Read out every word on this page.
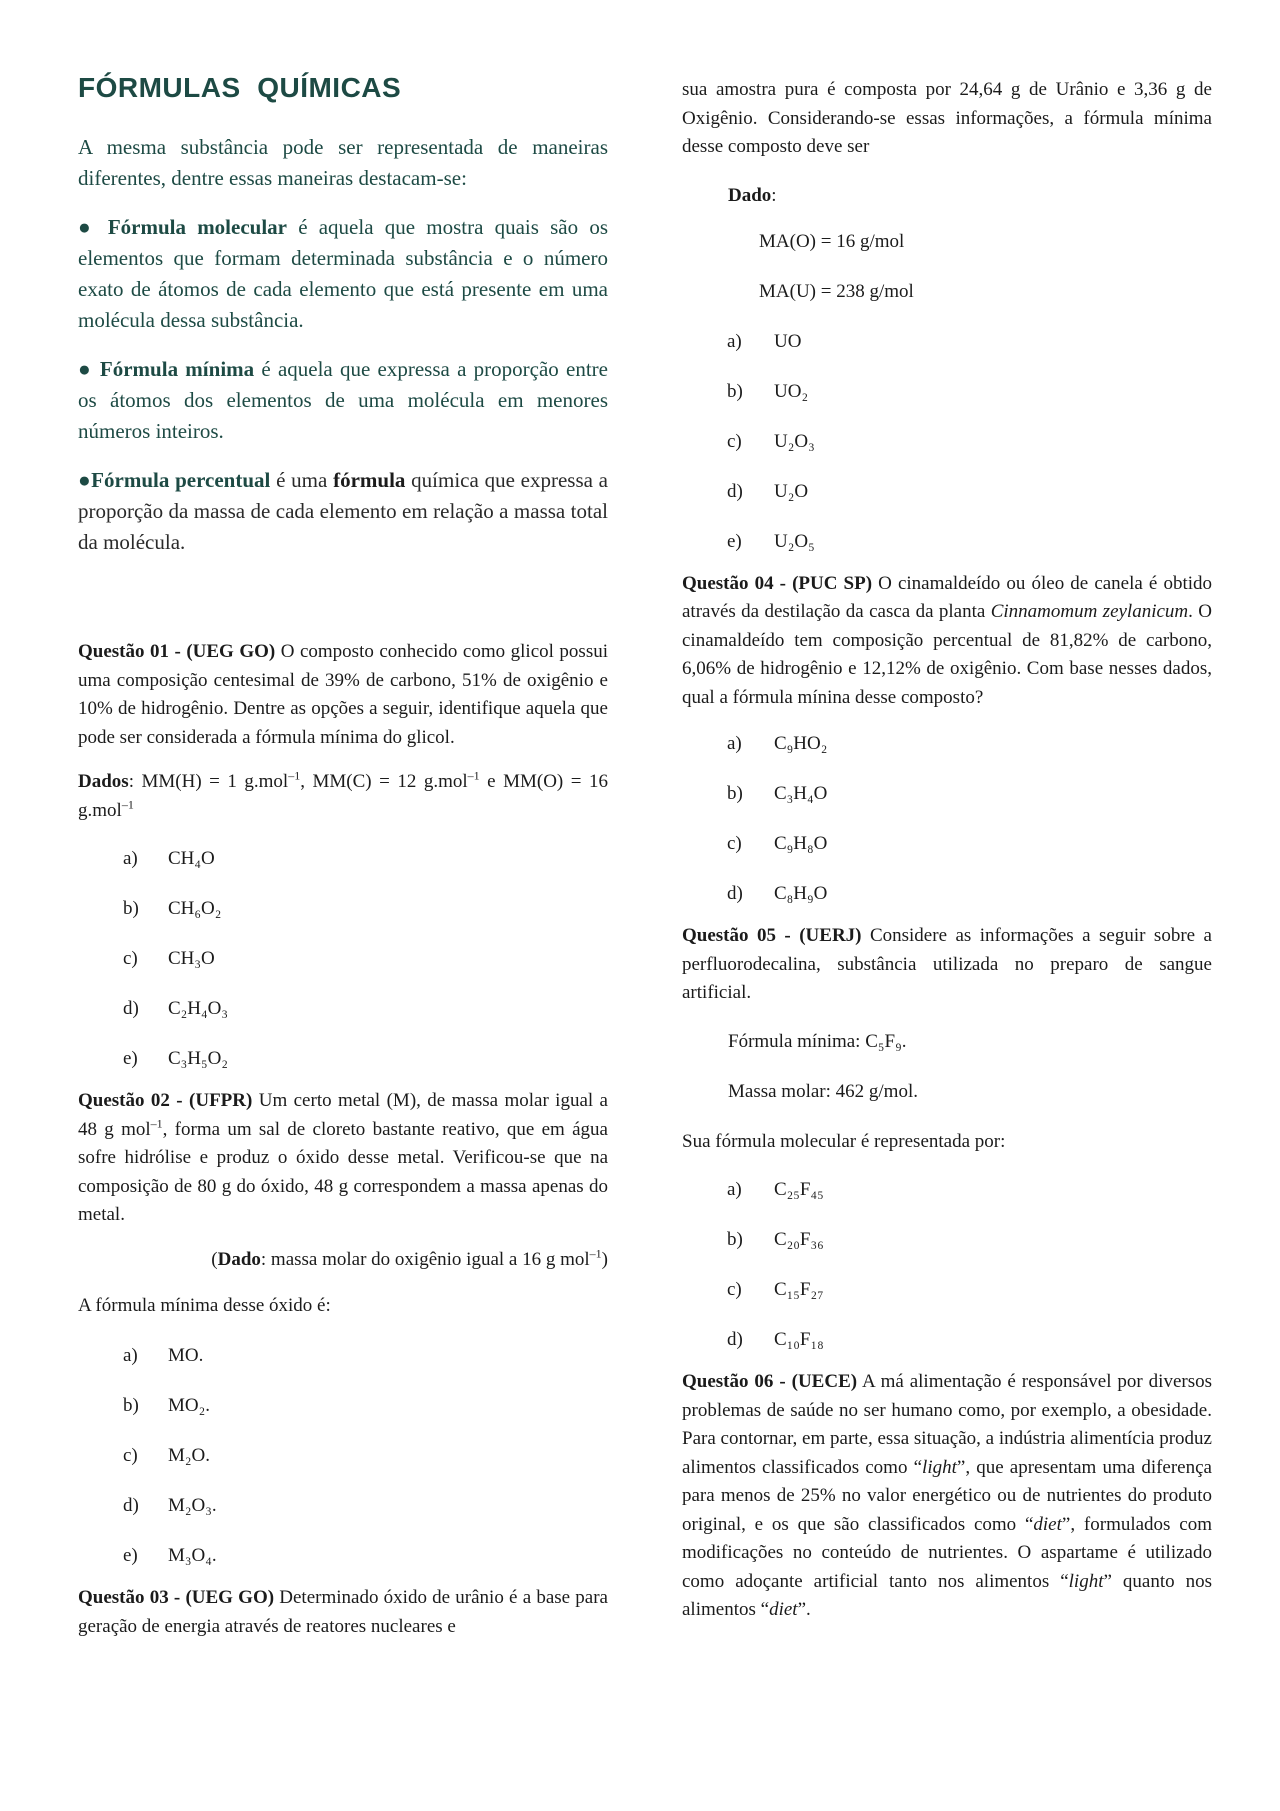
FÓRMULAS  QUÍMICAS

A mesma substância pode ser representada de maneiras diferentes, dentre essas maneiras destacam-se:

● Fórmula molecular é aquela que mostra quais são os elementos que formam determinada substância e o número exato de átomos de cada elemento que está presente em uma molécula dessa substância.

● Fórmula mínima é aquela que expressa a proporção entre os átomos dos elementos de uma molécula em menores números inteiros.

●Fórmula percentual é uma fórmula química que expressa a proporção da massa de cada elemento em relação a massa total da molécula.

Questão 01 - (UEG GO) O composto conhecido como glicol possui uma composição centesimal de 39% de carbono, 51% de oxigênio e 10% de hidrogênio. Dentre as opções a seguir, identifique aquela que pode ser considerada a fórmula mínima do glicol.

Dados: MM(H) = 1 g.mol$^{-1}$, MM(C) = 12 g.mol$^{-1}$ e MM(O) = 16 g.mol$^{-1}$

a) CH₄O
b) CH₆O₂
c) CH₃O
d) C₂H₄O₃
e) C₃H₅O₂

Questão 02 - (UFPR) Um certo metal (M), de massa molar igual a 48 g mol$^{-1}$, forma um sal de cloreto bastante reativo, que em água sofre hidrólise e produz o óxido desse metal. Verificou-se que na composição de 80 g do óxido, 48 g correspondem a massa apenas do metal.

(Dado: massa molar do oxigênio igual a 16 g mol$^{-1}$)

A fórmula mínima desse óxido é:

a) MO.
b) MO₂.
c) M₂O.
d) M₂O₃.
e) M₃O₄.

Questão 03 - (UEG GO) Determinado óxido de urânio é a base para geração de energia através de reatores nucleares e

sua amostra pura é composta por 24,64 g de Urânio e 3,36 g de Oxigênio. Considerando-se essas informações, a fórmula mínima desse composto deve ser

Dado:
MA(O) = 16 g/mol
MA(U) = 238 g/mol
a) UO
b) UO₂
c) U₂O₃
d) U₂O
e) U₂O₅

Questão 04 - (PUC SP) O cinamaldeído ou óleo de canela é obtido através da destilação da casca da planta Cinnamomum zeylanicum. O cinamaldeído tem composição percentual de 81,82% de carbono, 6,06% de hidrogênio e 12,12% de oxigênio. Com base nesses dados, qual a fórmula mínina desse composto?

a) C₉HO₂
b) C₃H₄O
c) C₉H₈O
d) C₈H₉O

Questão 05 - (UERJ) Considere as informações a seguir sobre a perfluorodecalina, substância utilizada no preparo de sangue artificial.

Fórmula mínima: C₅F₉.
Massa molar: 462 g/mol.

Sua fórmula molecular é representada por:

a) C₂₅F₄₅
b) C₂₀F₃₆
c) C₁₅F₂₇
d) C₁₀F₁₈

Questão 06 - (UECE) A má alimentação é responsável por diversos problemas de saúde no ser humano como, por exemplo, a obesidade. Para contornar, em parte, essa situação, a indústria alimentícia produz alimentos classificados como “light”, que apresentam uma diferença para menos de 25% no valor energético ou de nutrientes do produto original, e os que são classificados como “diet”, formulados com modificações no conteúdo de nutrientes. O aspartame é utilizado como adoçante artificial tanto nos alimentos “light” quanto nos alimentos “diet”.
